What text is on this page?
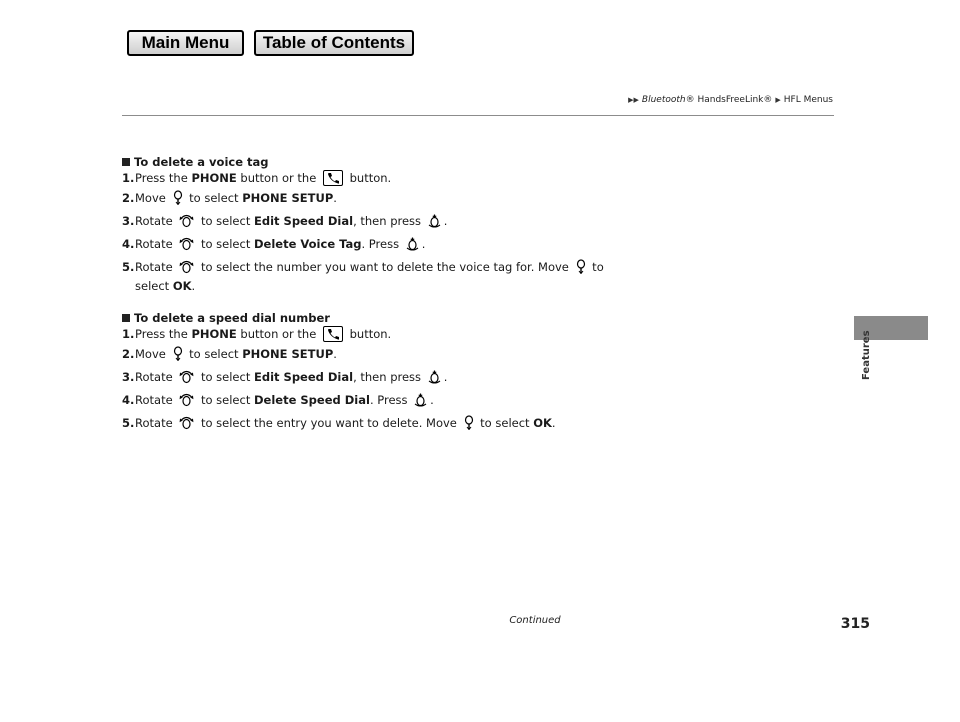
Main Menu	Table of Contents
▶▶ Bluetooth ® HandsFreeLink® ▶ HFL Menus
Features
To delete a voice tag
1. Press the PHONE button or the
button.
2. Move  to select PHONE SETUP.
3. Rotate  to select Edit Speed Dial, then press .
4. Rotate  to select Delete Voice Tag. Press .
5. Rotate  to select the number you want to delete the voice tag for. Move  to
select OK.
To delete a speed dial number
1. Press the PHONE button or the
button.
2. Move  to select PHONE SETUP.
3. Rotate  to select Edit Speed Dial, then press .
4. Rotate  to select Delete Speed Dial. Press .
5. Rotate  to select the entry you want to delete. Move  to select OK.
Continued	315
